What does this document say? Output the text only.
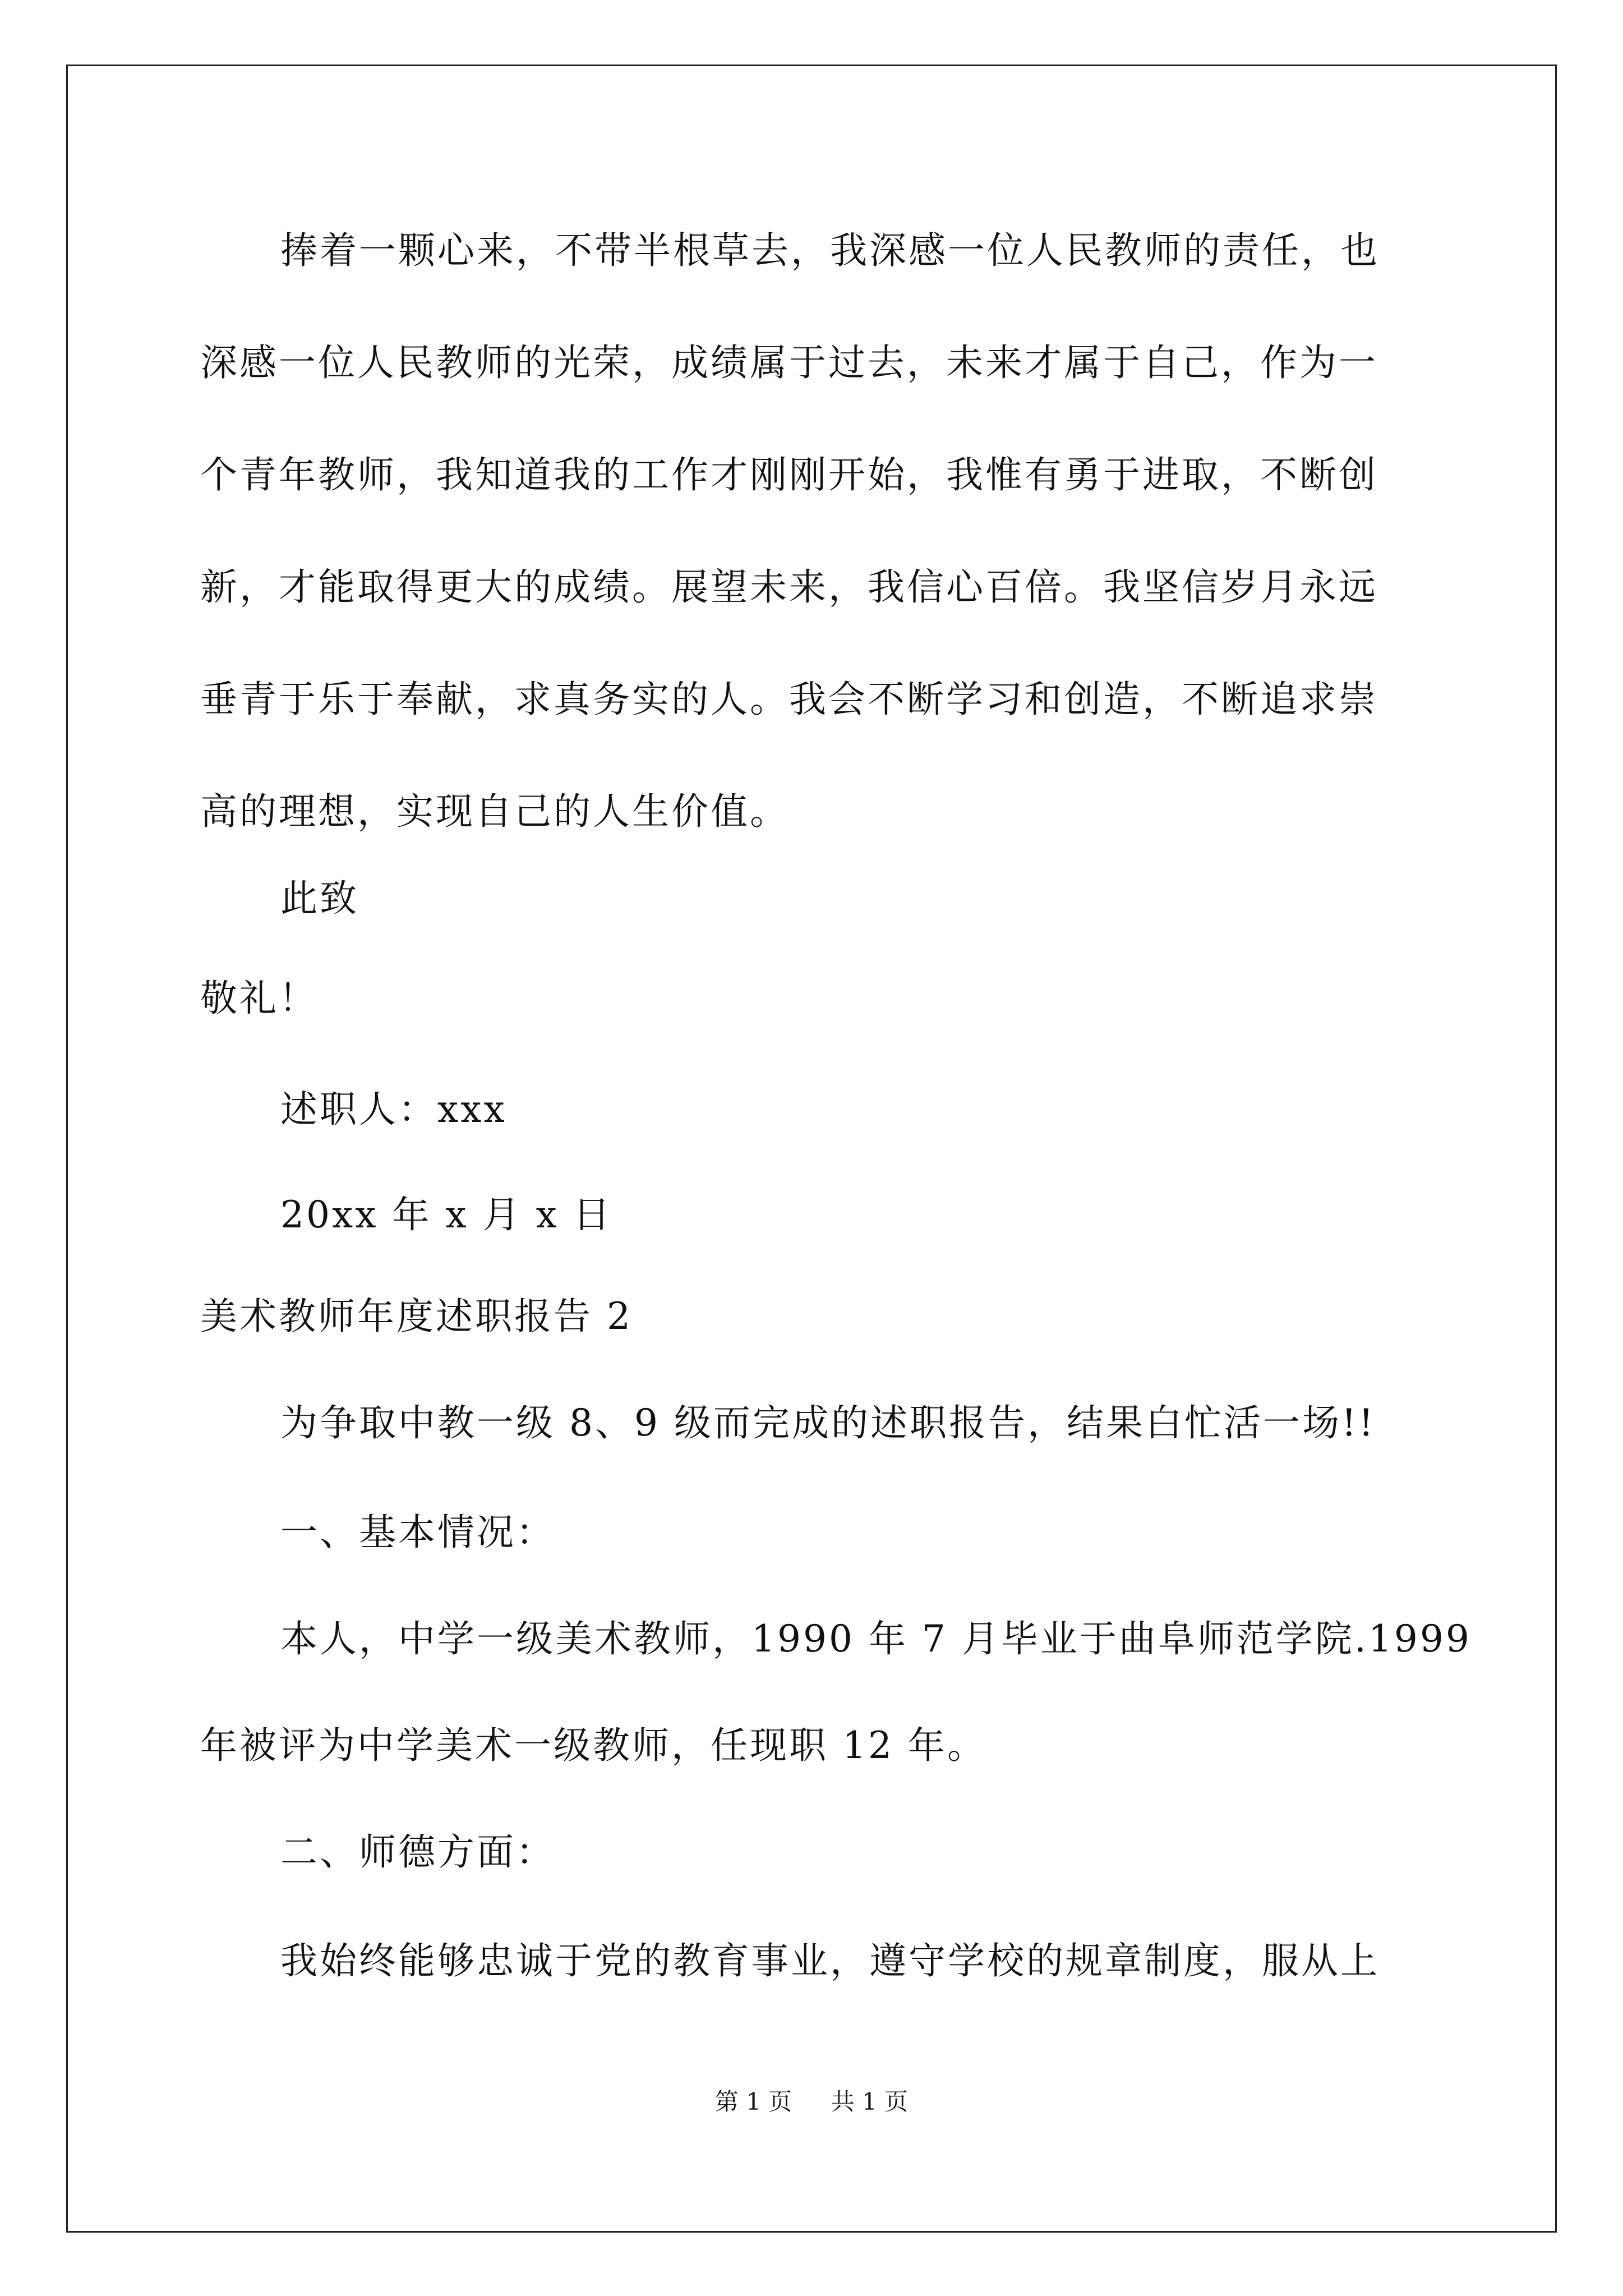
捧着一颗心来，不带半根草去，我深感一位人民教师的责任，也
深感一位人民教师的光荣，成绩属于过去，未来才属于自己，作为一
个青年教师，我知道我的工作才刚刚开始，我惟有勇于进取，不断创
新，才能取得更大的成绩。展望未来，我信心百倍。我坚信岁月永远
垂青于乐于奉献，求真务实的人。我会不断学习和创造，不断追求崇
高的理想，实现自己的人生价值。
此致
敬礼！
述职人：xxx
20xx 年 x 月 x 日
美术教师年度述职报告 2
为争取中教一级 8、9 级而完成的述职报告，结果白忙活一场!!
一、基本情况：
本人，中学一级美术教师，1990 年 7 月毕业于曲阜师范学院.1999
年被评为中学美术一级教师，任现职 12 年。
二、师德方面：
我始终能够忠诚于党的教育事业，遵守学校的规章制度，服从上
第 1 页 共 1 页
